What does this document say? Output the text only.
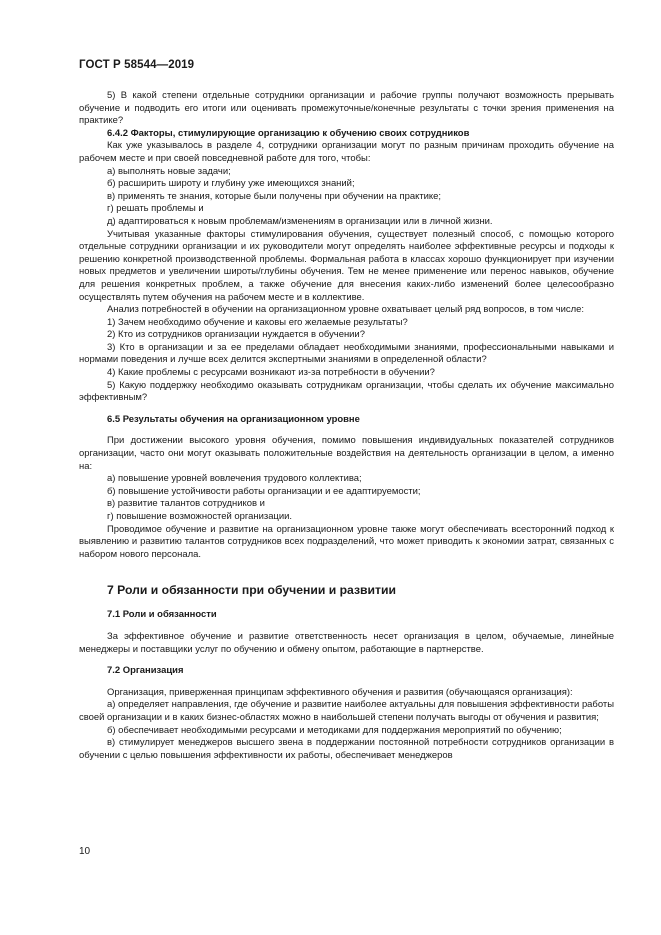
ГОСТ Р 58544—2019
5) В какой степени отдельные сотрудники организации и рабочие группы получают возможность прерывать обучение и подводить его итоги или оценивать промежуточные/конечные результаты с точки зрения применения на практике?
6.4.2 Факторы, стимулирующие организацию к обучению своих сотрудников
Как уже указывалось в разделе 4, сотрудники организации могут по разным причинам проходить обучение на рабочем месте и при своей повседневной работе для того, чтобы:
а) выполнять новые задачи;
б) расширить широту и глубину уже имеющихся знаний;
в) применять те знания, которые были получены при обучении на практике;
г) решать проблемы и
д) адаптироваться к новым проблемам/изменениям в организации или в личной жизни.
Учитывая указанные факторы стимулирования обучения, существует полезный способ, с помощью которого отдельные сотрудники организации и их руководители могут определять наиболее эффективные ресурсы и подходы к решению конкретной производственной проблемы. Формальная работа в классах хорошо функционирует при изучении новых предметов и увеличении широты/глубины обучения. Тем не менее применение или перенос навыков, обучение для решения конкретных проблем, а также обучение для внесения каких-либо изменений более целесообразно осуществлять путем обучения на рабочем месте и в коллективе.
Анализ потребностей в обучении на организационном уровне охватывает целый ряд вопросов, в том числе:
1) Зачем необходимо обучение и каковы его желаемые результаты?
2) Кто из сотрудников организации нуждается в обучении?
3) Кто в организации и за ее пределами обладает необходимыми знаниями, профессиональными навыками и нормами поведения и лучше всех делится экспертными знаниями в определенной области?
4) Какие проблемы с ресурсами возникают из-за потребности в обучении?
5) Какую поддержку необходимо оказывать сотрудникам организации, чтобы сделать их обучение максимально эффективным?
6.5 Результаты обучения на организационном уровне
При достижении высокого уровня обучения, помимо повышения индивидуальных показателей сотрудников организации, часто они могут оказывать положительные воздействия на деятельность организации в целом, а именно на:
а) повышение уровней вовлечения трудового коллектива;
б) повышение устойчивости работы организации и ее адаптируемости;
в) развитие талантов сотрудников и
г) повышение возможностей организации.
Проводимое обучение и развитие на организационном уровне также могут обеспечивать всесторонний подход к выявлению и развитию талантов сотрудников всех подразделений, что может приводить к экономии затрат, связанных с набором нового персонала.
7 Роли и обязанности при обучении и развитии
7.1 Роли и обязанности
За эффективное обучение и развитие ответственность несет организация в целом, обучаемые, линейные менеджеры и поставщики услуг по обучению и обмену опытом, работающие в партнерстве.
7.2 Организация
Организация, приверженная принципам эффективного обучения и развития (обучающаяся организация):
а) определяет направления, где обучение и развитие наиболее актуальны для повышения эффективности работы своей организации и в каких бизнес-областях можно в наибольшей степени получать выгоды от обучения и развития;
б) обеспечивает необходимыми ресурсами и методиками для поддержания мероприятий по обучению;
в) стимулирует менеджеров высшего звена в поддержании постоянной потребности сотрудников организации в обучении с целью повышения эффективности их работы, обеспечивает менеджеров
10
